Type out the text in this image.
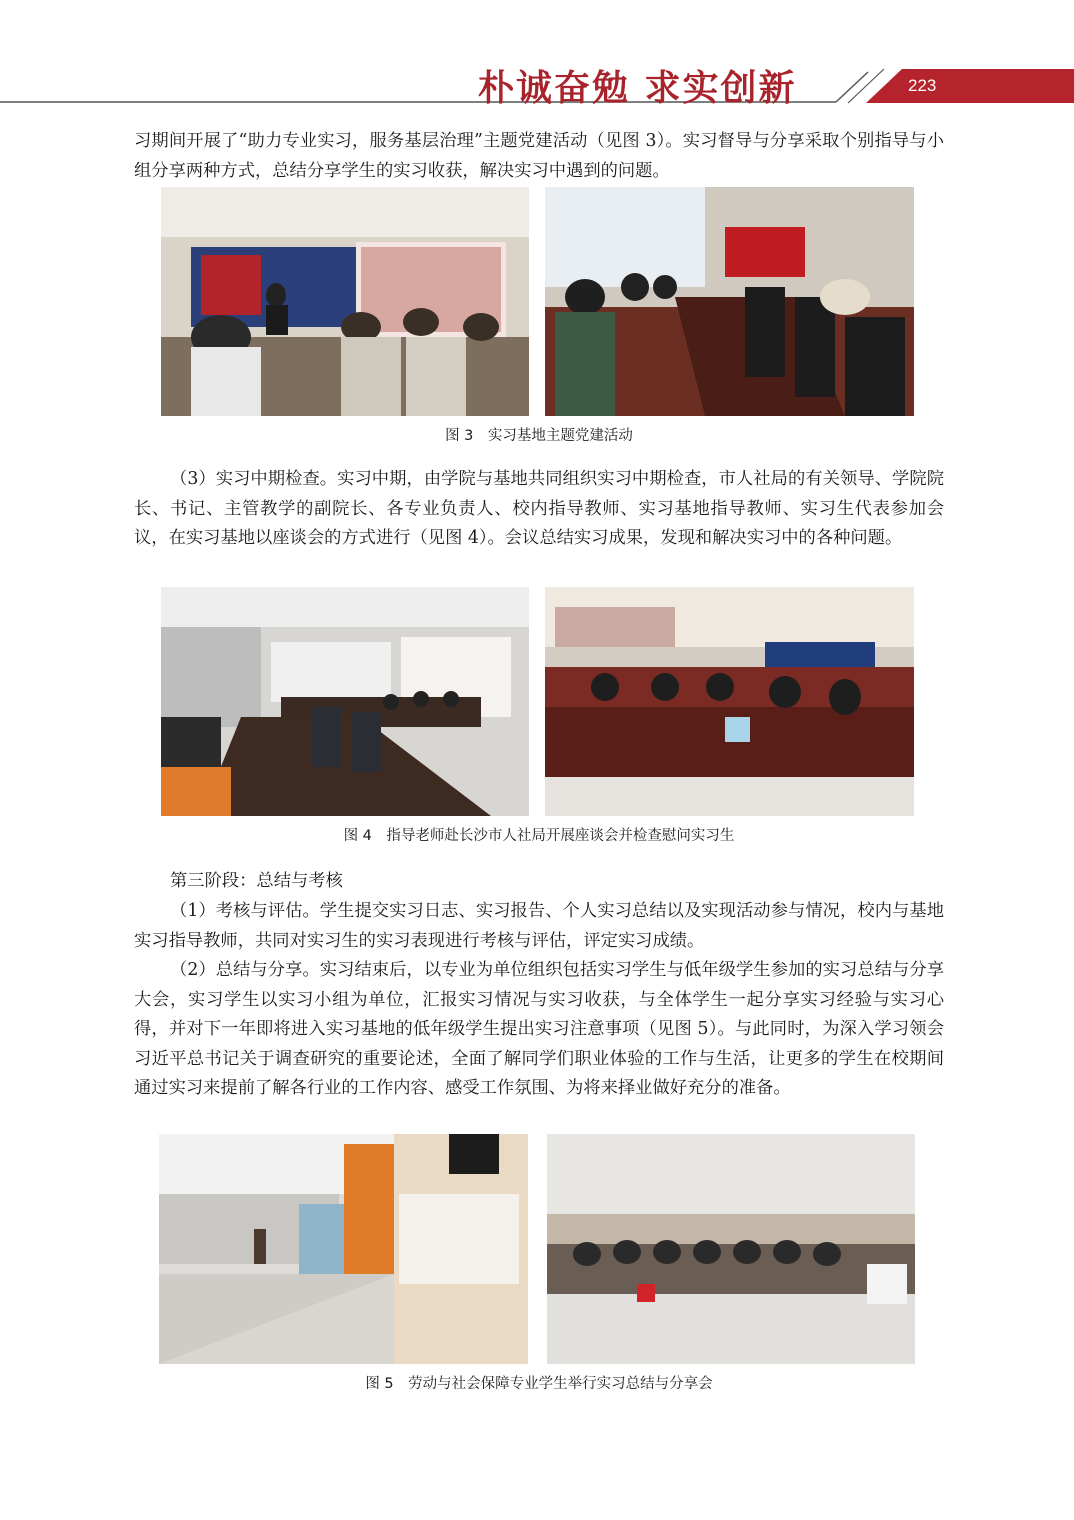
朴诚奋勉 求实创新	223

习期间开展了“助力专业实习，服务基层治理”主题党建活动（见图 3）。实习督导与分享采取个别指导与小组分享两种方式，总结分享学生的实习收获，解决实习中遇到的问题。

图 3　实习基地主题党建活动

（3）实习中期检查。实习中期，由学院与基地共同组织实习中期检查，市人社局的有关领导、学院院长、书记、主管教学的副院长、各专业负责人、校内指导教师、实习基地指导教师、实习生代表参加会议，在实习基地以座谈会的方式进行（见图 4）。会议总结实习成果，发现和解决实习中的各种问题。

图 4　指导老师赴长沙市人社局开展座谈会并检查慰问实习生

第三阶段：总结与考核

（1）考核与评估。学生提交实习日志、实习报告、个人实习总结以及实现活动参与情况，校内与基地实习指导教师，共同对实习生的实习表现进行考核与评估，评定实习成绩。

（2）总结与分享。实习结束后，以专业为单位组织包括实习学生与低年级学生参加的实习总结与分享大会，实习学生以实习小组为单位，汇报实习情况与实习收获，与全体学生一起分享实习经验与实习心得，并对下一年即将进入实习基地的低年级学生提出实习注意事项（见图 5）。与此同时，为深入学习领会习近平总书记关于调查研究的重要论述，全面了解同学们职业体验的工作与生活，让更多的学生在校期间通过实习来提前了解各行业的工作内容、感受工作氛围、为将来择业做好充分的准备。

图 5　劳动与社会保障专业学生举行实习总结与分享会
